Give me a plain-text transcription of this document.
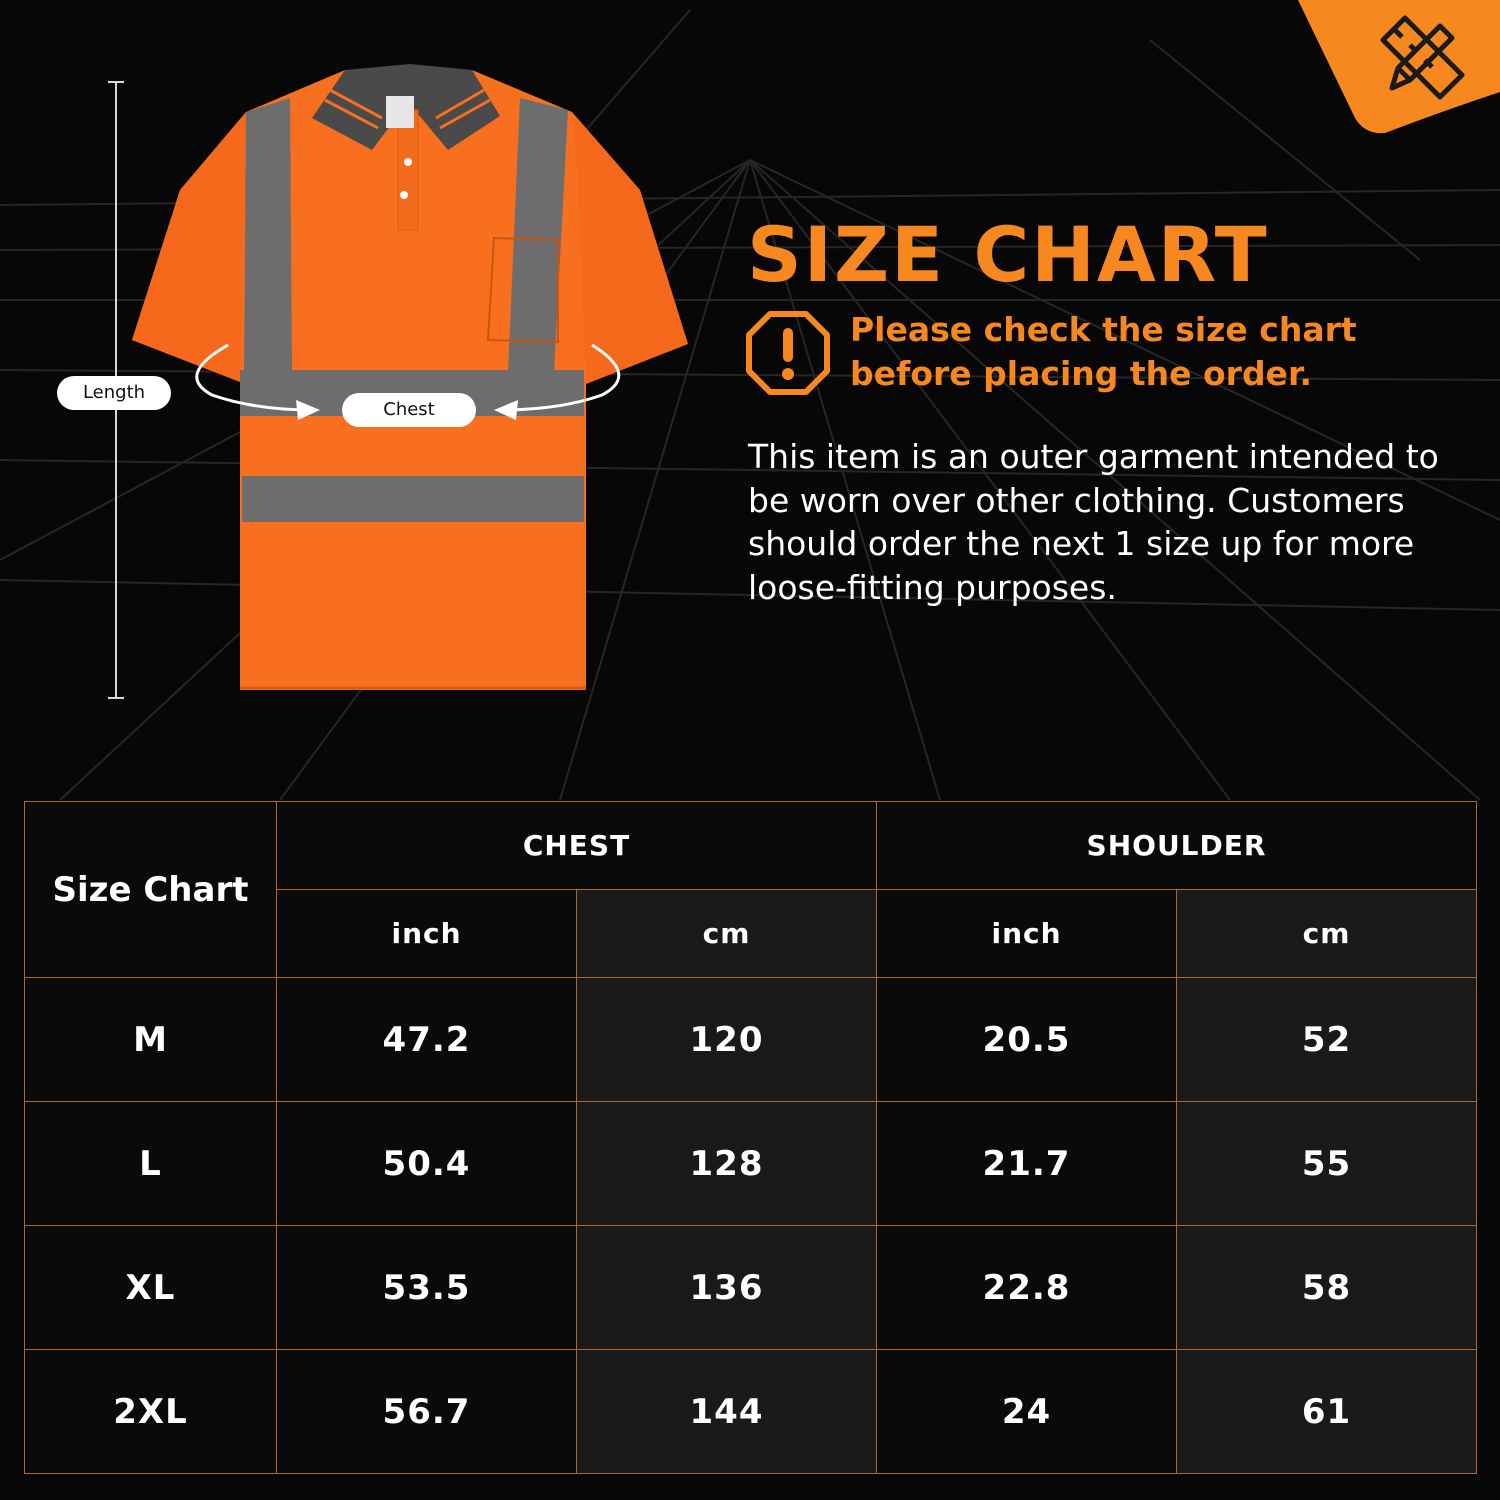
Length
Chest
SIZE CHART
Please check the size chart before placing the order.
This item is an outer garment intended to be worn over other clothing. Customers should order the next 1 size up for more loose-fitting purposes.
Size Chart	CHEST		SHOULDER	
	inch	cm	inch	cm
M	47.2	120	20.5	52
L	50.4	128	21.7	55
XL	53.5	136	22.8	58
2XL	56.7	144	24	61
